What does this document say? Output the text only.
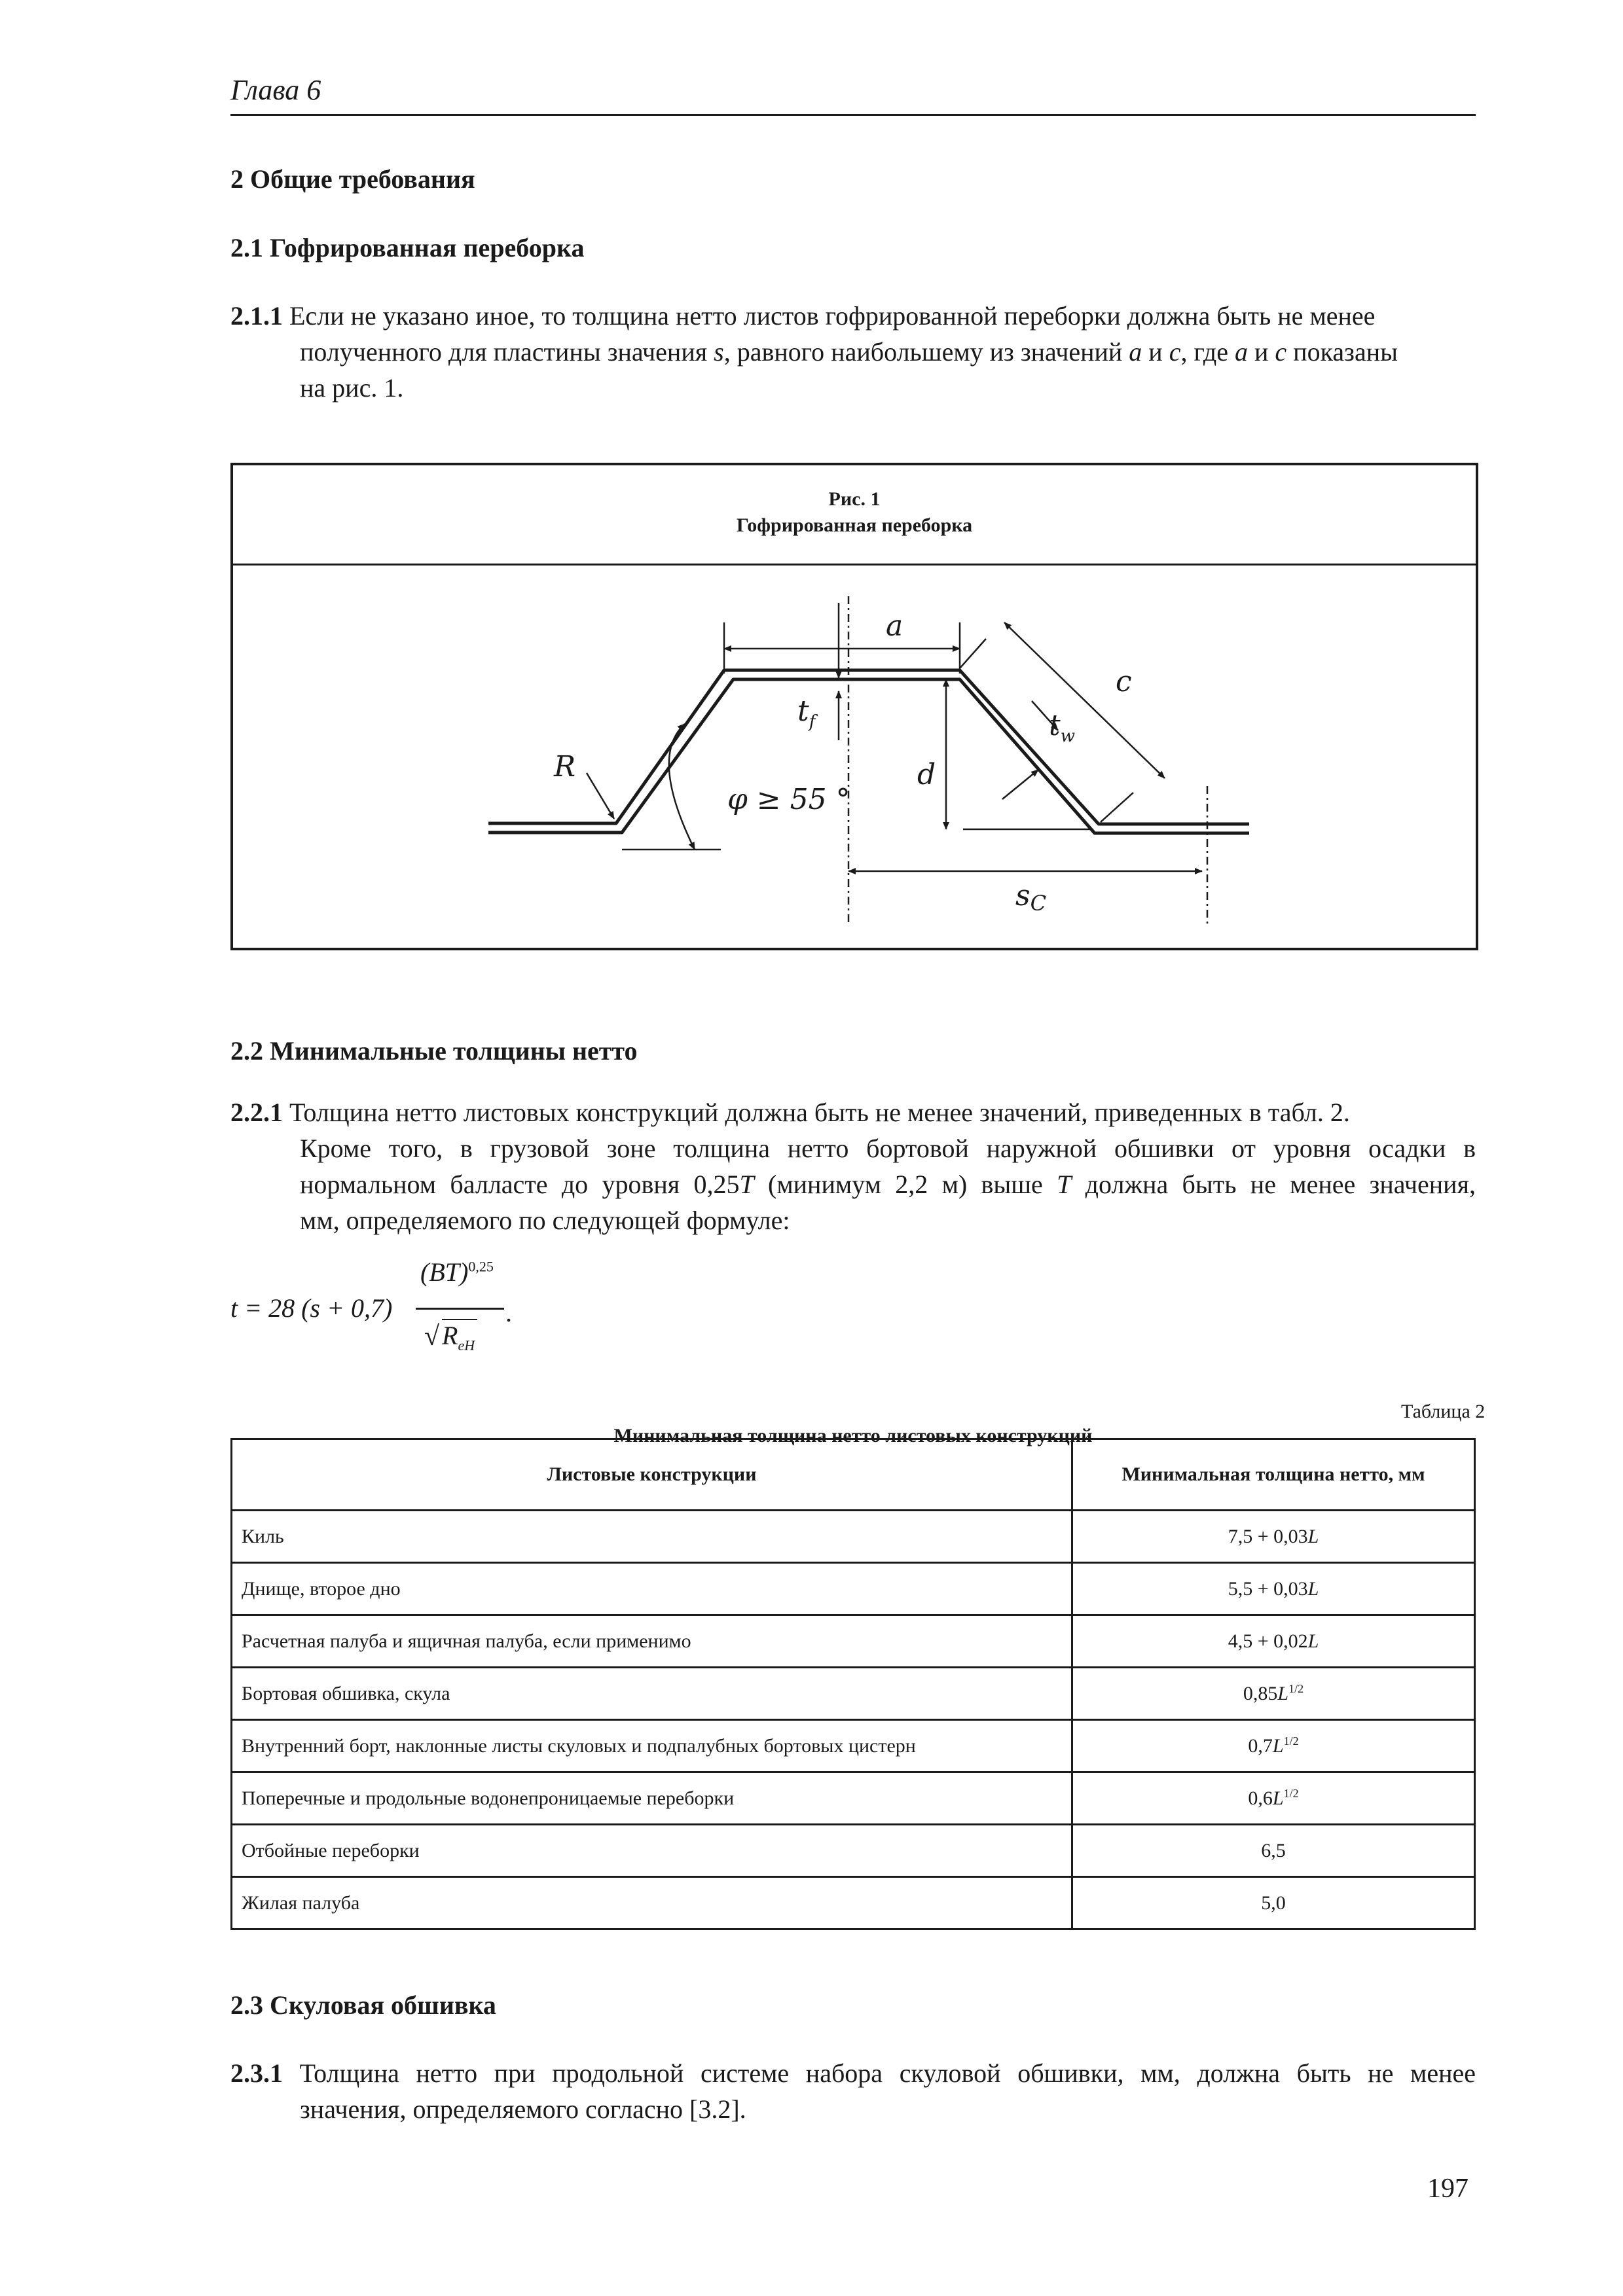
Глава 6
2 Общие требования
2.1 Гофрированная переборка
2.1.1 Если не указано иное, то толщина нетто листов гофрированной переборки должна быть не менее
полученного для пластины значения s, равного наибольшему из значений a и c, где a и c показаны
на рис. 1.
Рис. 1
Гофрированная переборка
a
c
$t_f$	$t_w$
R	d
φ ≥ 55 °
sC
2.2 Минимальные толщины нетто
2.2.1 Толщина нетто листовых конструкций должна быть не менее значений, приведенных в табл. 2.
Кроме того, в грузовой зоне толщина нетто бортовой наружной обшивки от уровня осадки в
нормальном балласте до уровня 0,25T (минимум 2,2 м) выше T должна быть не менее значения,
мм, определяемого по следующей формуле:
t = 28 (s + 0,7)
(BT)$^{0,25}$
√ $R_{eH}$
.
Таблица 2
Минимальная толщина нетто листовых конструкций
Листовые конструкции	Минимальная толщина нетто, мм
Киль	7,5 + 0,03L
Днище, второе дно	5,5 + 0,03L
Расчетная палуба и ящичная палуба, если применимо	4,5 + 0,02L
Бортовая обшивка, скула	$0,85L^{1/2}$
Внутренний борт, наклонные листы скуловых и подпалубных бортовых цистерн	$0,7L^{1/2}$
Поперечные и продольные водонепроницаемые переборки	$0,6L^{1/2}$
Отбойные переборки	6,5
Жилая палуба	5,0
2.3 Скуловая обшивка
2.3.1 Толщина нетто при продольной системе набора скуловой обшивки, мм, должна быть не менее
значения, определяемого согласно [3.2].
197
